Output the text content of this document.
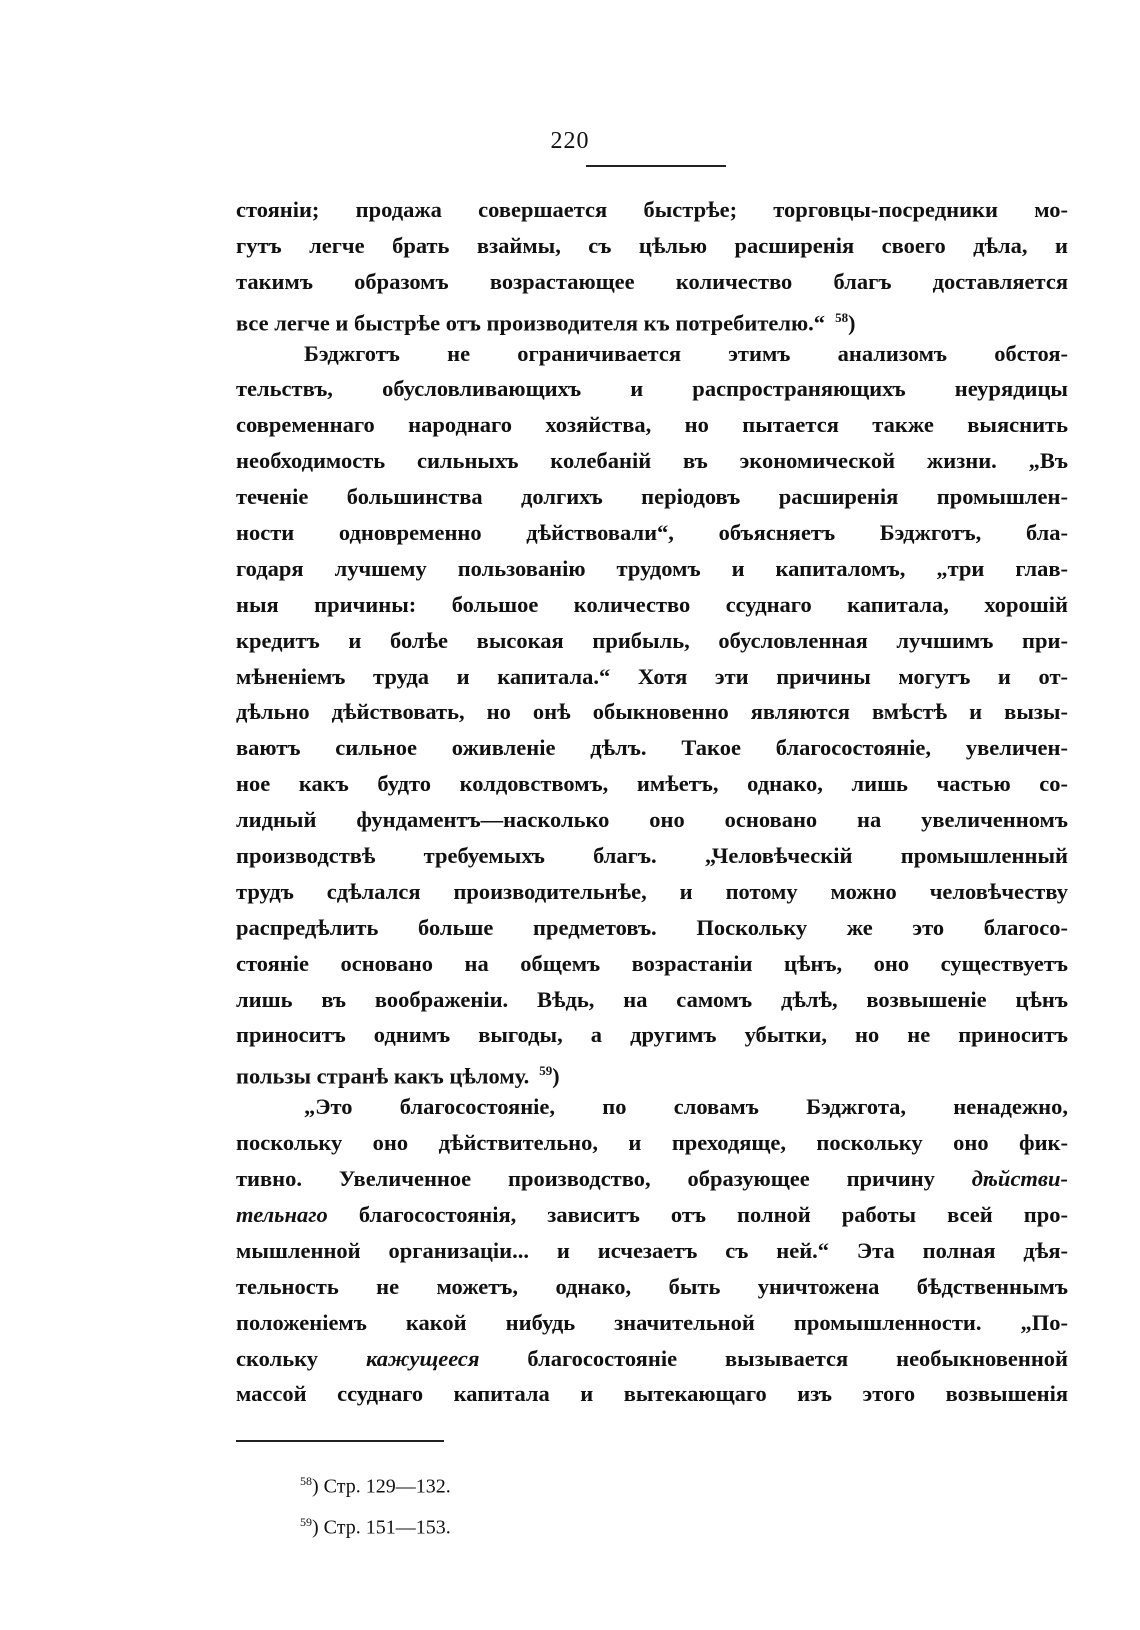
220
стояніи; продажа совершается быстрѣе; торговцы-посредники мо-
гутъ легче брать взаймы, съ цѣлью расширенія своего дѣла, и
такимъ образомъ возрастающее количество благъ доставляется
все легче и быстрѣе отъ производителя къ потребителю.“ $^{58}$)
Бэджготъ не ограничивается этимъ анализомъ обстоя-
тельствъ, обусловливающихъ и распространяющихъ неурядицы
современнаго народнаго хозяйства, но пытается также выяснить
необходимость сильныхъ колебаній въ экономической жизни. „Въ
теченіе большинства долгихъ періодовъ расширенія промышлен-
ности одновременно дѣйствовали“, объясняетъ Бэджготъ, бла-
годаря лучшему пользованію трудомъ и капиталомъ, „три глав-
ныя причины: большое количество ссуднаго капитала, хорошій
кредитъ и болѣе высокая прибыль, обусловленная лучшимъ при-
мѣненіемъ труда и капитала.“ Хотя эти причины могутъ и от-
дѣльно дѣйствовать, но онѣ обыкновенно являются вмѣстѣ и вызы-
ваютъ сильное оживленіе дѣлъ. Такое благосостояніе, увеличен-
ное какъ будто колдовствомъ, имѣетъ, однако, лишь частью со-
лидный фундаментъ—насколько оно основано на увеличенномъ
производствѣ требуемыхъ благъ. „Человѣческій промышленный
трудъ сдѣлался производительнѣе, и потому можно человѣчеству
распредѣлить больше предметовъ. Поскольку же это благосо-
стояніе основано на общемъ возрастаніи цѣнъ, оно существуетъ
лишь въ воображеніи. Вѣдь, на самомъ дѣлѣ, возвышеніе цѣнъ
приноситъ однимъ выгоды, а другимъ убытки, но не приноситъ
пользы странѣ какъ цѣлому. $^{59}$)
„Это благосостояніе, по словамъ Бэджгота, ненадежно,
поскольку оно дѣйствительно, и преходяще, поскольку оно фик-
тивно. Увеличенное производство, образующее причину дѣйстви-
тельнаго благосостоянія, зависитъ отъ полной работы всей про-
мышленной организаціи... и исчезаетъ съ ней.“ Эта полная дѣя-
тельность не можетъ, однако, быть уничтожена бѣдственнымъ
положеніемъ какой нибудь значительной промышленности. „По-
скольку кажущееся благосостояніе вызывается необыкновенной
массой ссуднаго капитала и вытекающаго изъ этого возвышенія
$^{58}$) Стр. 129—132.
$^{59}$) Стр. 151—153.
